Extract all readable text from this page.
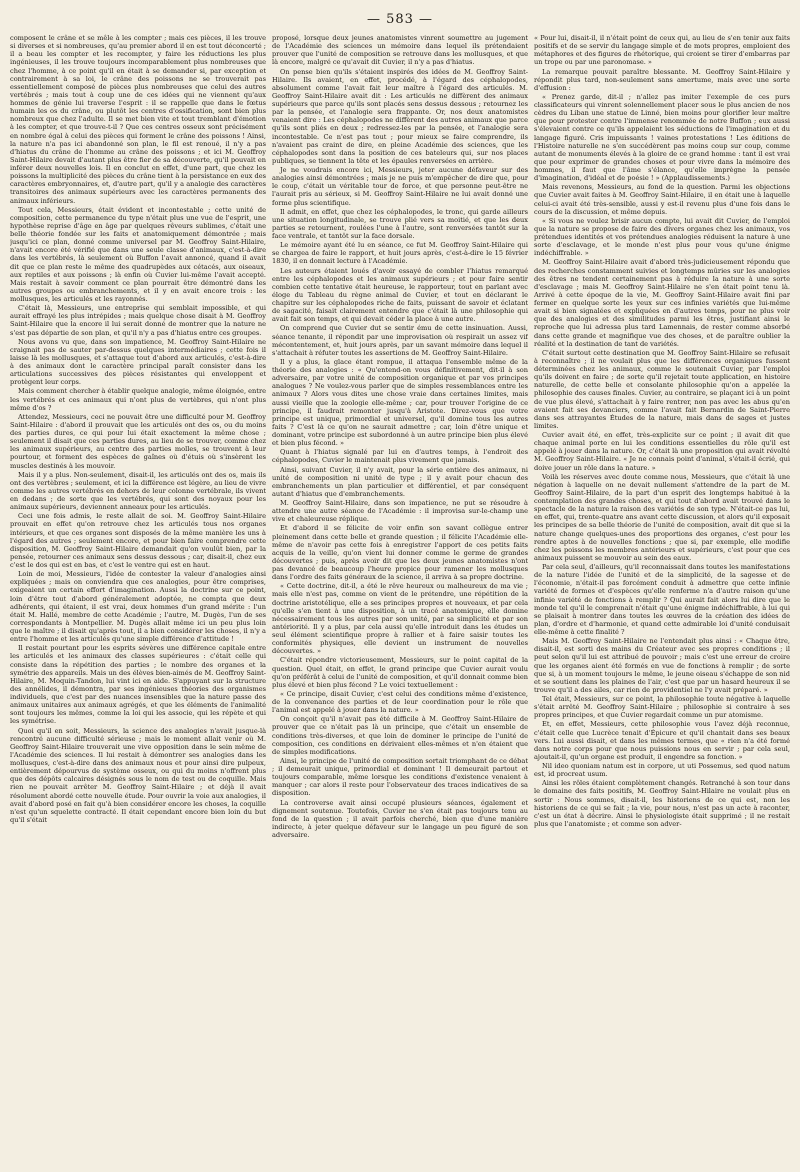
— 583 —

composent le crâne et se mêle à les compter ; mais ces pièces, il les trouve si diverses et si nombreuses, qu'au premier abord il en est tout déconcerté ; il a beau les compter et les recompter, y faire les réductions les plus ingénieuses, il les trouve toujours incomparablement plus nombreuses que chez l'homme, à ce point qu'il en était à se demander si, par exception et contrairement à sa loi, le crâne des poissons ne se trouverait pas essentiellement composé de pièces plus nombreuses que celui des autres vertébrés ; mais tout à coup une de ces idées qui ne viennent qu'aux hommes de génie lui traverse l'esprit : il se rappelle que dans le fœtus humain les os du crâne, ou plutôt les centres d'ossification, sont bien plus nombreux que chez l'adulte. Il se met bien vite et tout tremblant d'émotion à les compter, et que trouve-t-il ? Que ces centres osseux sont précisément en nombre égal à celui des pièces qui forment le crâne des poissons ! Ainsi, la nature n'a pas ici abandonné son plan, le fil est renoué, il n'y a pas d'hiatus du crâne de l'homme au crâne des poissons ; et ici M. Geoffroy Saint-Hilaire devait d'autant plus être fier de sa découverte, qu'il pouvait en inférer deux nouvelles lois. Il en conclut en effet, d'une part, que chez les poissons la multiplicité des pièces du crâne tient à la persistance en eux des caractères embryonnaires, et, d'autre part, qu'il y a analogie des caractères transitoires des animaux supérieurs avec les caractères permanents des animaux inférieurs.

Tout cela, Messieurs, était évident et incontestable ; cette unité de composition, cette permanence du type n'était plus une vue de l'esprit, une hypothèse reprise d'âge en âge par quelques rêveurs sublimes, c'était une belle théorie fondée sur les faits et anatomiquement démontrée ; mais jusqu'ici ce plan, donné comme universel par M. Geoffroy Saint-Hilaire, n'avait encore été vérifié que dans une seule classe d'animaux, c'est-à-dire dans les vertébrés, là seulement où Buffon l'avait annoncé, quand il avait dit que ce plan reste le même des quadrupèdes aux cétacés, aux oiseaux, aux reptiles et aux poissons ; là enfin où Cuvier lui-même l'avait accepté. Mais restait à savoir comment ce plan pourrait être démontré dans les autres groupes ou embranchements, et il y en avait encore trois : les mollusques, les articulés et les rayonnés.

C'était là, Messieurs, une entreprise qui semblait impossible, et qui aurait effrayé les plus intrépides ; mais quelque chose disait à M. Geoffroy Saint-Hilaire que la encore il lui serait donné de montrer que la nature ne s'est pas départie de son plan, et qu'il n'y a pas d'hiatus entre ces groupes.

Nous avons vu que, dans son impatience, M. Geoffroy Saint-Hilaire ne craignait pas de sauter par-dessus quelques intermédiaires ; cette fois il laisse là les mollusques, et s'attaque tout d'abord aux articulés, c'est-à-dire à des animaux dont le caractère principal paraît consister dans les articulations successives des pièces résistantes qui enveloppent et protègent leur corps.

Mais comment chercher à établir quelque analogie, même éloignée, entre les vertébrés et ces animaux qui n'ont plus de vertèbres, qui n'ont plus même d'os ?

Attendez, Messieurs, ceci ne pouvait être une difficulté pour M. Geoffroy Saint-Hilaire : d'abord il prouvait que les articulés ont des os, ou du moins des parties dures, ce qui pour lui était exactement la même chose ; seulement il disait que ces parties dures, au lieu de se trouver, comme chez les animaux supérieurs, au centre des parties molles, se trouvent à leur pourtour, et forment des espèces de gaînes où d'étuis où s'insèrent les muscles destinés à les mouvoir.

Mais il y a plus. Non-seulement, disait-il, les articulés ont des os, mais ils ont des vertèbres ; seulement, et ici la différence est légère, au lieu de vivre comme les autres vertébrés en dehors de leur colonne vertébrale, ils vivent en dedans ; de sorte que les vertébrés, qui sont des noyaux pour les animaux supérieurs, deviennent anneaux pour les articulés.

Ceci une fois admis, le reste allait de soi. M. Geoffroy Saint-Hilaire prouvait en effet qu'on retrouve chez les articulés tous nos organes intérieurs, et que ces organes sont disposés de la même manière les uns à l'égard des autres ; seulement encore, et pour bien faire comprendre cette disposition, M. Geoffroy Saint-Hilaire demandait qu'on voulût bien, par la pensée, retourner ces animaux sens dessus dessous ; car, disait-il, chez eux c'est le dos qui est en bas, et c'est le ventre qui est en haut.

Loin de moi, Messieurs, l'idée de contester la valeur d'analogies ainsi expliquées ; mais on conviendra que ces analogies, pour être comprises, exigeaient un certain effort d'imagination. Aussi la doctrine sur ce point, loin d'être tout d'abord généralement adoptée, ne compta que deux adhérents, qui étaient, il est vrai, deux hommes d'un grand mérite : l'un était M. Hallé, membre de cette Académie ; l'autre, M. Dugès, l'un de ses correspondants à Montpellier. M. Dugès allait même ici un peu plus loin que le maître ; il disait qu'après tout, il a bien considérer les choses, il n'y a entre l'homme et les articulés qu'une simple différence d'attitude !

Il restait pourtant pour les esprits sévères une différence capitale entre les articulés et les animaux des classes supérieures : c'était celle qui consiste dans la répétition des parties ; le nombre des organes et la symétrie des appareils. Mais un des élèves bien-aimés de M. Geoffroy Saint-Hilaire, M. Moquin-Tandon, lui vint ici en aide. S'appuyant sur la structure des annélides, il démontra, par ses ingénieuses théories des organismes individuels, que c'est par des nuances insensibles que la nature passe des animaux unitaires aux animaux agrégés, et que les éléments de l'animalité sont toujours les mêmes, comme la loi qui les associe, qui les répète et qui les symétrise.

Quoi qu'il en soit, Messieurs, la science des analogies n'avait jusque-là rencontré aucune difficulté sérieuse ; mais le moment allait venir où M. Geoffroy Saint-Hilaire trouverait une vive opposition dans le sein même de l'Académie des sciences. Il lui restait à démontrer ses analogies dans les mollusques, c'est-à-dire dans des animaux nous et pour ainsi dire pulpeux, entièrement dépourvus de système osseux, ou qui du moins n'offrent plus que des dépôts calcaires désignés sous le nom de test ou de coquille. Mais rien ne pouvait arrêter M. Geoffroy Saint-Hilaire ; et déjà il avait résolument abordé cette nouvelle étude. Pour ouvrir la voie aux analogies, il avait d'abord posé en fait qu'à bien considérer encore les choses, la coquille n'est qu'un squelette contracté. Il était cependant encore bien loin du but qu'il s'était

proposé, lorsque deux jeunes anatomistes vinrent soumettre au jugement de l'Académie des sciences un mémoire dans lequel ils prétendaient prouver que l'unité de composition se retrouve dans les mollusques, et que là encore, malgré ce qu'avait dit Cuvier, il n'y a pas d'hiatus.

On pense bien qu'ils s'étaient inspirés des idées de M. Geoffroy Saint-Hilaire. Ils avaient, en effet, procédé, à l'égard des céphalopodes, absolument comme l'avait fait leur maître à l'égard des articulés. M. Geoffroy Saint-Hilaire avait dit : Les articulés ne diffèrent des animaux supérieurs que parce qu'ils sont placés sens dessus dessous ; retournez les par la pensée, et l'analogie sera frappante. Or, nos deux anatomistes venaient dire : Les céphalopodes ne diffèrent des autres animaux que parce qu'ils sont pliés en deux ; redressez-les par la pensée, et l'analogie sera incontestable. Ce n'est pas tout ; pour mieux se faire comprendre, ils n'avaient pas craint de dire, en pleine Académie des sciences, que les céphalopodes sont dans la position de ces bateleurs qui, sur nos places publiques, se tiennent la tête et les épaules renversées en arrière.

Je ne voudrais encore ici, Messieurs, jeter aucune défaveur sur des analogies ainsi démontrées ; mais je ne puis m'empêcher de dire que, pour le coup, c'était un véritable tour de force, et que personne peut-être ne l'aurait pris au sérieux, si M. Geoffroy Saint-Hilaire ne lui avait donné une forme plus scientifique.

Il admit, en effet, que chez les céphalopodes, le tronc, qui garde ailleurs une situation longitudinale, se trouve plié vers sa moitié, et que les deux parties se retournent, roulées l'une à l'autre, sont renversées tantôt sur la face ventrale, et tantôt sur la face dorsale.

Le mémoire ayant été lu en séance, ce fut M. Geoffroy Saint-Hilaire qui se chargea de faire le rapport, et huit jours après, c'est-à-dire le 15 février 1830, il en donnait lecture à l'Académie.

Les auteurs étaient loués d'avoir essayé de combler l'hiatus remarqué entre les céphalopodes et les animaux supérieurs ; et pour faire sentir combien cette tentative était heureuse, le rapporteur, tout en parlant avec éloge du Tableau du règne animal de Cuvier, et tout en déclarant le chapitre sur les céphalopodes riche de faits, puissant de savoir et éclatant de sagacité, faisait clairement entendre que c'était là une philosophie qui avait fait son temps, et qui devait céder la place à une autre.

On comprend que Cuvier dut se sentir ému de cette insinuation. Aussi, séance tenante, il répondit par une improvisation où respirait un assez vif mécontentement, et, huit jours après, par un savant mémoire dans lequel il s'attachait à réfuter toutes les assertions de M. Geoffroy Saint-Hilaire.

Il y a plus, la glace étant rompue, il attaqua l'ensemble même de la théorie des analogies : « Qu'entend-on vous définitivement, dit-il à son adversaire, par votre unité de composition organique et par vos principes analogues ? Ne voulez-vous parler que de simples ressemblances entre les animaux ? Alors vous dites une chose vraie dans certaines limites, mais aussi vieille que la zoologie elle-même ; car, pour trouver l'origine de ce principe, il faudrait remonter jusqu'à Aristote. Direz-vous que votre principe est unique, primordial et universel, qu'il domine tous les autres faits ? C'est là ce qu'on ne saurait admettre ; car, loin d'être unique et dominant, votre principe est subordonné à un autre principe bien plus élevé et bien plus fécond. »

Quant à l'hiatus signalé par lui en d'autres temps, à l'endroit des céphalopodes, Cuvier le maintenait plus vivement que jamais.

Ainsi, suivant Cuvier, il n'y avait, pour la série entière des animaux, ni unité de composition ni unité de type ; il y avait pour chacun des embranchements un plan particulier et différentiel, et par conséquent autant d'hiatus que d'embranchements.

M. Geoffroy Saint-Hilaire, dans son impatience, ne put se résoudre à attendre une autre séance de l'Académie : il improvisa sur-le-champ une vive et chaleureuse réplique.

Et d'abord il se félicite de voir enfin son savant collègue entrer pleinement dans cette belle et grande question ; il félicite l'Académie elle-même de n'avoir pas cette fois à enregistrer l'apport de ces petits faits acquis de la veille, qu'on vient lui donner comme le germe de grandes découvertes ; puis, après avoir dit que les deux jeunes anatomistes n'ont pas devancé de beaucoup l'heure propice pour ramener les mollusques dans l'ordre des faits généraux de la science, il arriva à sa propre doctrine.

« Cette doctrine, dit-il, a été le rêve heureux ou malheureux de ma vie ; mais elle n'est pas, comme on vient de le prétendre, une répétition de la doctrine aristotélique, elle a ses principes propres et nouveaux, et par cela qu'elle s'en tient à une disposition, à un tracé anatomique, elle domine nécessairement tous les autres par son unité, par sa simplicité et par son antériorité. Il y a plus, par cela aussi qu'elle introduit dans les études un seul élément scientifique propre à rallier et à faire saisir toutes les conformités physiques, elle devient un instrument de nouvelles découvertes. »

C'était répondre victorieusement, Messieurs, sur le point capital de la question. Quel était, en effet, le grand principe que Cuvier aurait voulu qu'on préférât à celui de l'unité de composition, et qu'il donnait comme bien plus élevé et bien plus fécond ? Le voici textuellement :

« Ce principe, disait Cuvier, c'est celui des conditions même d'existence, de la convenance des parties et de leur coordination pour le rôle que l'animal est appelé à jouer dans la nature. »

On conçoit qu'il n'avait pas été difficile à M. Geoffroy Saint-Hilaire de prouver que ce n'était pas là un principe, que c'était un ensemble de conditions très-diverses, et que loin de dominer le principe de l'unité de composition, ces conditions en dérivaient elles-mêmes et n'en étaient que de simples modifications.

Ainsi, le principe de l'unité de composition sortait triomphant de ce débat ; il demeurait unique, primordial et dominant ! Il demeurait partout et toujours comparable, même lorsque les conditions d'existence venaient à manquer ; car alors il reste pour l'observateur des traces indicatives de sa disposition.

La controverse avait ainsi occupé plusieurs séances, également et dignement soutenue. Toutefois, Cuvier ne s'en était pas toujours tenu au fond de la question ; il avait parfois cherché, bien que d'une manière indirecte, à jeter quelque défaveur sur le langage un peu figuré de son adversaire.

« Pour lui, disait-il, il n'était point de ceux qui, au lieu de s'en tenir aux faits positifs et de se servir du langage simple et de mots propres, emploient des métaphores et des figures de rhétorique, qui croient se tirer d'embarras par un trope ou par une paronomase. »

La remarque pouvait paraître blessante. M. Geoffroy Saint-Hilaire y répondit plus tard, non-seulement sans amertume, mais avec une sorte d'effusion :

« Prenez garde, dit-il ; n'allez pas imiter l'exemple de ces purs classificateurs qui vinrent solennellement placer sous le plus ancien de nos cèdres du Liban une statue de Linné, bien moins pour glorifier leur maître que pour protester contre l'immense renommée de notre Buffon ; eux aussi s'élevaient contre ce qu'ils appelaient les séductions de l'imagination et du langage figuré. Cris impuissants ! vaines protestations ! Les éditions de l'Histoire naturelle ne s'en succédèrent pas moins coup sur coup, comme autant de monuments élevés à la gloire de ce grand homme : tant il est vrai que pour exprimer de grandes choses et pour vivre dans la mémoire des hommes, il faut que l'âme s'élance, qu'elle imprègne la pensée d'imagination, d'idéal et de poésie ! » (Applaudissements.)

Mais revenons, Messieurs, au fond de la question. Parmi les objections que Cuvier avait faites à M. Geoffroy Saint-Hilaire, il en était une à laquelle celui-ci avait été très-sensible, aussi y est-il revenu plus d'une fois dans le cours de la discussion, et même depuis.

« Si vous ne voulez brisir aucun compte, lui avait dit Cuvier, de l'emploi que la nature se propose de faire des divers organes chez les animaux, vos prétendues identités et vos prétendues analogies réduisent la nature à une sorte d'esclavage, et le monde n'est plus pour vous qu'une énigme indéchiffrable. »

M. Geoffroy Saint-Hilaire avait d'abord très-judicieusement répondu que des recherches constamment suivies et longtemps mûries sur les analogies des êtres ne tendent certainement pas à réduire la nature à une sorte d'esclavage ; mais M. Geoffroy Saint-Hilaire ne s'en était point tenu là. Arrivé à cette époque de la vie, M. Geoffroy Saint-Hilaire avait fini par fermer en quelque sorte les yeux sur ces infinies variétés que lui-même avait si bien signalées et expliquées en d'autres temps, pour ne plus voir que des analogies et des similitudes parmi les êtres, justifiant ainsi le reproche que lui adressa plus tard Lamennais, de rester comme absorbé dans cette grande et magnifique vue des choses, et de paraître oublier la réalité et la destination de tant de variétés.

C'était surtout cette destination que M. Geoffroy Saint-Hilaire se refusait à reconnaître ; il ne voulait plus que les différences organiques fussent déterminées chez les animaux, comme le soutenait Cuvier, par l'emploi qu'ils doivent en faire ; de sorte qu'il rejetait toute application, en histoire naturelle, de cette belle et consolante philosophie qu'on a appelée la philosophie des causes finales. Cuvier, au contraire, se plaçant ici à un point de vue plus élevé, s'attachait à y faire rentrer, non pas avec les abus qu'en avaient fait ses devanciers, comme l'avait fait Bernardin de Saint-Pierre dans ses attrayantes Études de la nature, mais dans de sages et justes limites.

Cuvier avait été, en effet, très-explicite sur ce point ; il avait dit que chaque animal porte en lui les conditions essentielles du rôle qu'il est appelé à jouer dans la nature. Or, c'était là une proposition qui avait révolté M. Geoffroy Saint-Hilaire. « Je ne connais point d'animal, s'était-il écrié, qui doive jouer un rôle dans la nature. »

Voilà les réserves avec doute comme nous, Messieurs, que c'était là une négation à laquelle on ne devait nullement s'attendre de la part de M. Geoffroy Saint-Hilaire, de la part d'un esprit des longtemps habitué à la contemplation des grandes choses, et qui tout d'abord avait trouvé dans le spectacle de la nature la raison des variétés de son type. N'était-ce pas lui, en effet, qui, trente-quatre ans avant cette discussion, et alors qu'il exposait les principes de sa belle théorie de l'unité de composition, avait dit que si la nature change quelques-unes des proportions des organes, c'est pour les rendre aptes à de nouvelles fonctions ; que si, par exemple, elle modifie chez les poissons les membres antérieurs et supérieurs, c'est pour que ces animaux puissent se mouvoir au sein des eaux.

Par cela seul, d'ailleurs, qu'il reconnaissait dans toutes les manifestations de la nature l'idée de l'unité et de la simplicité, de la sagesse et de l'économie, n'était-il pas forcément conduit à admettre que cette infinie variété de formes et d'espèces qu'elle renferme n'a d'autre raison qu'une infinie variété de fonctions à remplir ? Qui aurait fait alors lui dire que le monde tel qu'il le comprenait n'était qu'une énigme indéchiffrable, à lui qui se plaisait à montrer dans toutes les œuvres de la création des idées de plan, d'ordre et d'harmonie, et quand cette admirable loi d'unité conduisait elle-même à cette finalité ?

Mais M. Geoffroy Saint-Hilaire ne l'entendait plus ainsi : « Chaque être, disait-il, est sorti des mains du Créateur avec ses propres conditions ; il peut selon qu'il lui est attribué de pouvoir ; mais c'est une erreur de croire que les organes aient été formés en vue de fonctions à remplir ; de sorte que si, à un moment toujours le même, le jeune oiseau s'échappe de son nid et se soutient dans les plaines de l'air, c'est que par un hasard heureux il se trouve qu'il a des ailes, car rien de providentiel ne l'y avait préparé. »

Tel était, Messieurs, sur ce point, la philosophie toute négative à laquelle s'était arrêté M. Geoffroy Saint-Hilaire ; philosophie si contraire à ses propres principes, et que Cuvier regardait comme un pur atomisme.

Et, en effet, Messieurs, cette philosophie vous l'avez déjà reconnue, c'était celle que Lucrèce tenait d'Épicure et qu'il chantait dans ses beaux vers. Lui aussi disait, et dans les mêmes termes, que « rien n'a été formé dans notre corps pour que nous puissions nous en servir ; par cela seul, ajoutait-il, qu'un organe est produit, il engendre sa fonction. »

Nil ideo quoniam natum est in corpore, ut uti Possemus, sed quod natum est, id procreat usum.

Ainsi les rôles étaient complètement changés. Retranché à son tour dans le domaine des faits positifs, M. Geoffroy Saint-Hilaire ne voulait plus en sortir : Nous sommes, disait-il, les historiens de ce qui est, non les historiens de ce qui se fait ; la vie, pour nous, n'est pas un acte à raconter, c'est un état à décrire. Ainsi le physiologiste était supprimé ; il ne restait plus que l'anatomiste ; et comme son adver-
